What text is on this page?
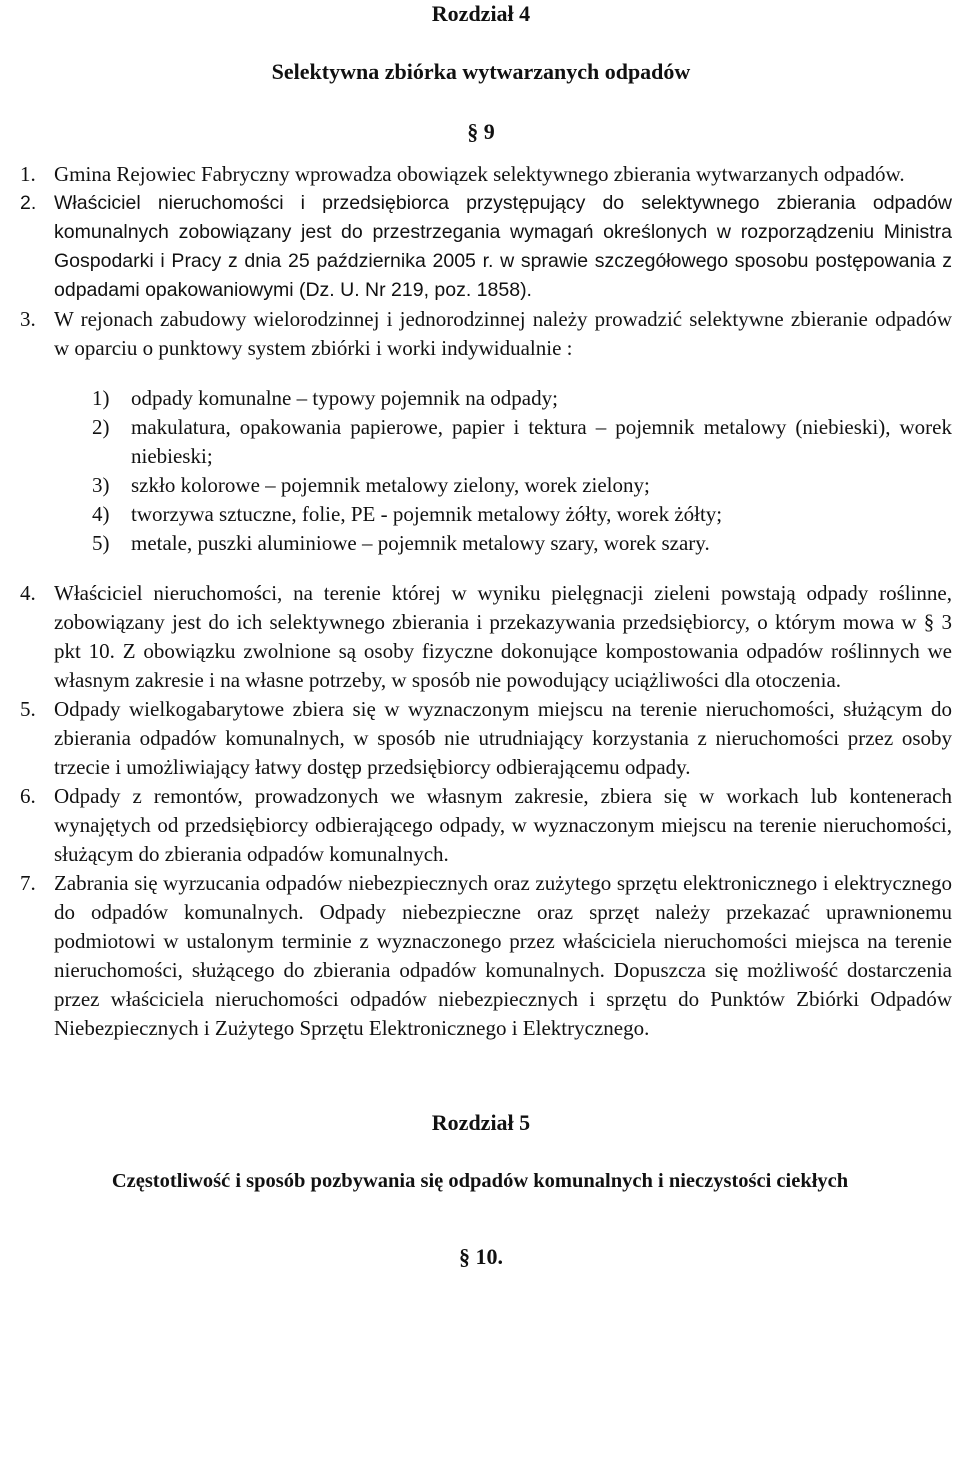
Rozdział 4
Selektywna zbiórka wytwarzanych odpadów
§ 9
1. Gmina Rejowiec Fabryczny wprowadza obowiązek selektywnego zbierania wytwarzanych odpadów.
2. Właściciel nieruchomości i przedsiębiorca przystępujący do selektywnego zbierania odpadów komunalnych zobowiązany jest do przestrzegania wymagań określonych w rozporządzeniu Ministra Gospodarki i Pracy z dnia 25 października 2005 r. w sprawie szczegółowego sposobu postępowania z odpadami opakowaniowymi (Dz. U. Nr 219, poz. 1858).
3. W rejonach zabudowy wielorodzinnej i jednorodzinnej należy prowadzić selektywne zbieranie odpadów w oparciu o punktowy system zbiórki i worki indywidualnie :
1) odpady komunalne – typowy pojemnik na odpady;
2) makulatura, opakowania papierowe, papier i tektura – pojemnik metalowy (niebieski), worek niebieski;
3) szkło kolorowe – pojemnik metalowy zielony, worek zielony;
4) tworzywa sztuczne, folie, PE - pojemnik metalowy żółty, worek żółty;
5) metale, puszki aluminiowe – pojemnik metalowy szary, worek szary.
4. Właściciel nieruchomości, na terenie której w wyniku pielęgnacji zieleni powstają odpady roślinne, zobowiązany jest do ich selektywnego zbierania i przekazywania przedsiębiorcy, o którym mowa w § 3 pkt 10. Z obowiązku zwolnione są osoby fizyczne dokonujące kompostowania odpadów roślinnych we własnym zakresie i na własne potrzeby, w sposób nie powodujący uciążliwości dla otoczenia.
5. Odpady wielkogabarytowe zbiera się w wyznaczonym miejscu na terenie nieruchomości, służącym do zbierania odpadów komunalnych, w sposób nie utrudniający korzystania z nieruchomości przez osoby trzecie i umożliwiający łatwy dostęp przedsiębiorcy odbierającemu odpady.
6. Odpady z remontów, prowadzonych we własnym zakresie, zbiera się w workach lub kontenerach wynajętych od przedsiębiorcy odbierającego odpady, w wyznaczonym miejscu na terenie nieruchomości, służącym do zbierania odpadów komunalnych.
7. Zabrania się wyrzucania odpadów niebezpiecznych oraz zużytego sprzętu elektronicznego i elektrycznego do odpadów komunalnych. Odpady niebezpieczne oraz sprzęt należy przekazać uprawnionemu podmiotowi w ustalonym terminie z wyznaczonego przez właściciela nieruchomości miejsca na terenie nieruchomości, służącego do zbierania odpadów komunalnych. Dopuszcza się możliwość dostarczenia przez właściciela nieruchomości odpadów niebezpiecznych i sprzętu do Punktów Zbiórki Odpadów Niebezpiecznych i Zużytego Sprzętu Elektronicznego i Elektrycznego.
Rozdział 5
Częstotliwość i sposób pozbywania się odpadów komunalnych i nieczystości ciekłych
§ 10.
